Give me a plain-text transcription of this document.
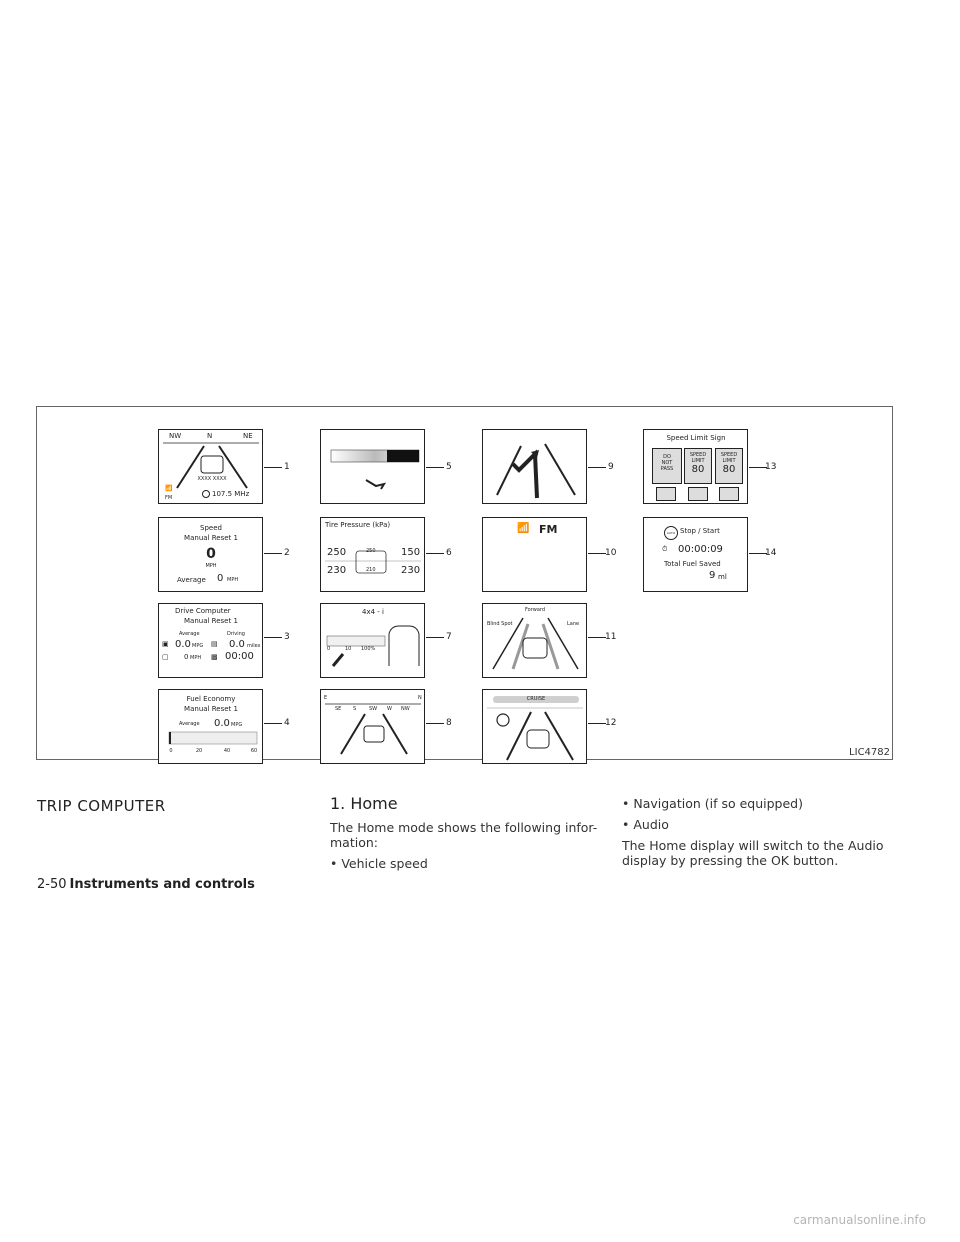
NW	N	NE
XXXX XXXX
📶
FM	107.5 MHz
1
Speed
Manual Reset 1
0
MPH
Average 0 MPH
2
Drive Computer
Manual Reset 1
Average	Driving
▣ 0.0 MPG ▤ 0.0 miles
▢ 0 MPH ▩ 00:00
3
Fuel Economy
Manual Reset 1
Average 0.0 MPG
0	20	40	60
4
5
Tire Pressure (kPa)
250	250	150
230	210	230
6
4x4 - i
0	10 100%
7
E
SE S	SW W NW
N
8
9
📶 FM
10
Forward
Blind Spot	Lane
11
CRUISE
12
Speed Limit Sign
DO
NOT
PASS
SPEED
LIMIT
80
SPEED
LIMIT
80	13
AUTO Stop / Start
⏱ 00:00:09
Total Fuel Saved
9 ml
14
LIC4782
TRIP COMPUTER	1. Home
The Home mode shows the following infor-mation:
• Vehicle speed
• Navigation (if so equipped)
• Audio
The Home display will switch to the Audio display by pressing the OK button.
2-50 Instruments and controls
carmanualsonline.info
